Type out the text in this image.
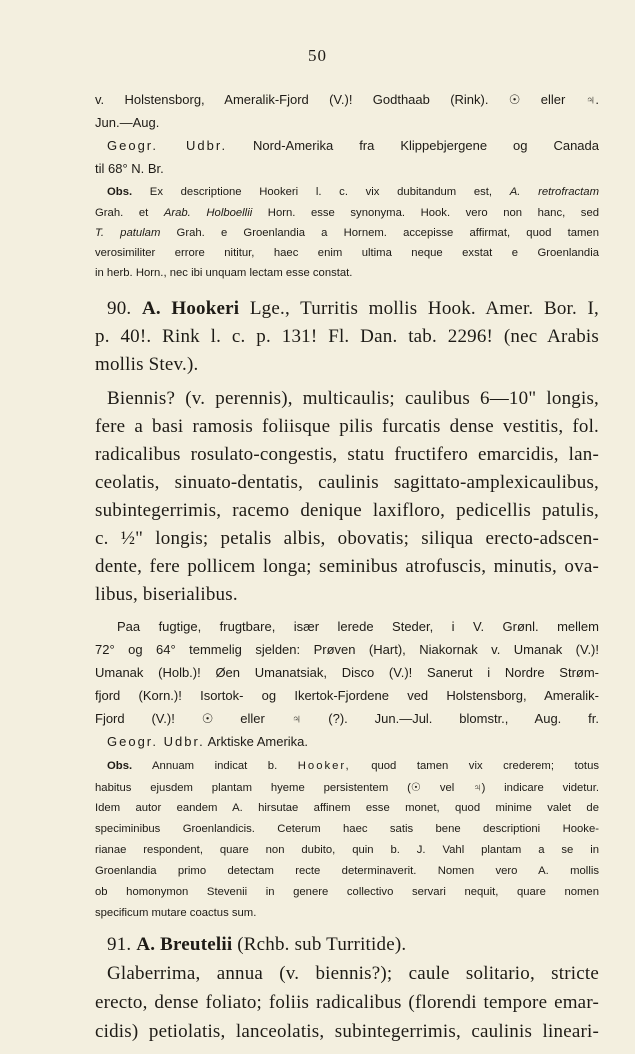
50
v. Holstensborg, Ameralik-Fjord (V.)! Godthaab (Rink). ☉ eller ♃.
Jun.—Aug.
Geogr. Udbr. Nord-Amerika fra Klippebjergene og Canada
til 68° N. Br.
Obs. Ex descriptione Hookeri l. c. vix dubitandum est, A. retrofractam
Grah. et Arab. Holboellii Horn. esse synonyma. Hook. vero non hanc, sed
T. patulam Grah. e Groenlandia a Hornem. accepisse affirmat, quod tamen
verosimiliter errore nititur, haec enim ultima neque exstat e Groenlandia
in herb. Horn., nec ibi unquam lectam esse constat.
90. A. Hookeri Lge., Turritis mollis Hook. Amer. Bor. I,
p. 40!. Rink l. c. p. 131! Fl. Dan. tab. 2296! (nec Arabis
mollis Stev.).
Biennis? (v. perennis), multicaulis; caulibus 6—10" longis,
fere a basi ramosis foliisque pilis furcatis dense vestitis, fol.
radicalibus rosulato-congestis, statu fructifero emarcidis, lan-
ceolatis, sinuato-dentatis, caulinis sagittato-amplexicaulibus,
subintegerrimis, racemo denique laxifloro, pedicellis patulis,
c. ½" longis; petalis albis, obovatis; siliqua erecto-adscen-
dente, fere pollicem longa; seminibus atrofuscis, minutis, ova-
libus, biserialibus.
Paa fugtige, frugtbare, især lerede Steder, i V. Grønl. mellem
72° og 64° temmelig sjelden: Prøven (Hart), Niakornak v. Umanak (V.)!
Umanak (Holb.)! Øen Umanatsiak, Disco (V.)! Sanerut i Nordre Strøm-
fjord (Korn.)! Isortok- og Ikertok-Fjordene ved Holstensborg, Ameralik-
Fjord (V.)! ☉ eller ♃ (?). Jun.—Jul. blomstr., Aug. fr.
Geogr. Udbr. Arktiske Amerika.
Obs. Annuam indicat b. Hooker, quod tamen vix crederem; totus
habitus ejusdem plantam hyeme persistentem (☉ vel ♃) indicare videtur.
Idem autor eandem A. hirsutae affinem esse monet, quod minime valet de
speciminibus Groenlandicis. Ceterum haec satis bene descriptioni Hooke-
rianae respondent, quare non dubito, quin b. J. Vahl plantam a se in
Groenlandia primo detectam recte determinaverit. Nomen vero A. mollis
ob homonymon Stevenii in genere collectivo servari nequit, quare nomen
specificum mutare coactus sum.
91. A. Breutelii (Rchb. sub Turritide).
Glaberrima, annua (v. biennis?); caule solitario, stricte
erecto, dense foliato; foliis radicalibus (florendi tempore emar-
cidis) petiolatis, lanceolatis, subintegerrimis, caulinis lineari-
